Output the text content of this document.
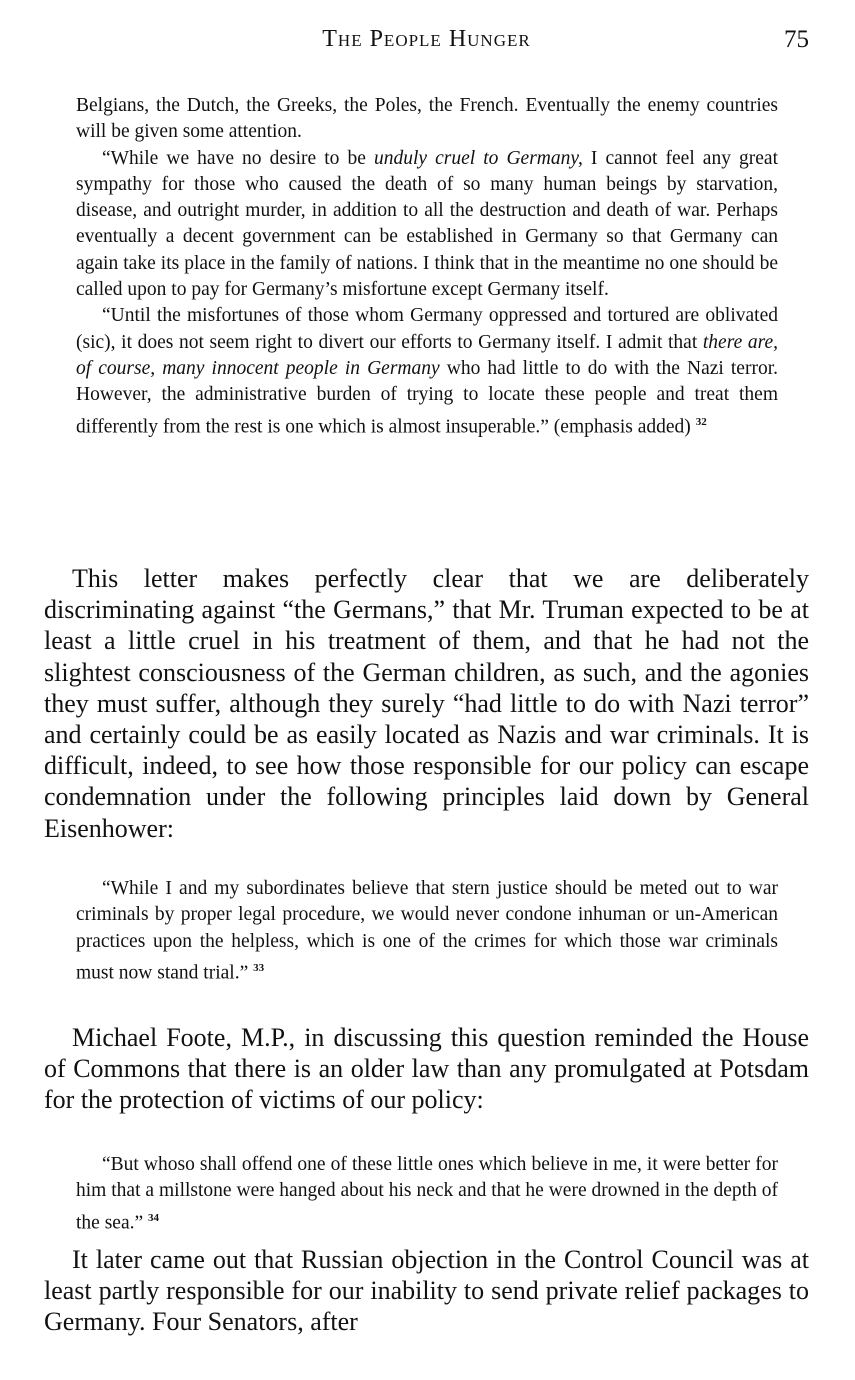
The People Hunger	75

Belgians, the Dutch, the Greeks, the Poles, the French. Eventually the enemy countries will be given some attention.

“While we have no desire to be unduly cruel to Germany, I cannot feel any great sympathy for those who caused the death of so many human beings by starvation, disease, and outright murder, in addition to all the destruction and death of war. Perhaps eventually a decent government can be established in Germany so that Germany can again take its place in the family of nations. I think that in the meantime no one should be called upon to pay for Germany’s misfortune except Germany itself.

“Until the misfortunes of those whom Germany oppressed and tortured are oblivated (sic), it does not seem right to divert our efforts to Germany itself. I admit that there are, of course, many innocent people in Germany who had little to do with the Nazi terror. However, the administrative burden of trying to locate these people and treat them differently from the rest is one which is almost insuperable.” (emphasis added) $^{32}$

This letter makes perfectly clear that we are deliberately discriminating against “the Germans,” that Mr. Truman expected to be at least a little cruel in his treatment of them, and that he had not the slightest consciousness of the German children, as such, and the agonies they must suffer, although they surely “had little to do with Nazi terror” and certainly could be as easily located as Nazis and war criminals. It is difficult, indeed, to see how those responsible for our policy can escape condemnation under the following principles laid down by General Eisenhower:

“While I and my subordinates believe that stern justice should be meted out to war criminals by proper legal procedure, we would never condone inhuman or un-American practices upon the helpless, which is one of the crimes for which those war criminals must now stand trial.” $^{33}$

Michael Foote, M.P., in discussing this question reminded the House of Commons that there is an older law than any promulgated at Potsdam for the protection of victims of our policy:

“But whoso shall offend one of these little ones which believe in me, it were better for him that a millstone were hanged about his neck and that he were drowned in the depth of the sea.” $^{34}$

It later came out that Russian objection in the Control Council was at least partly responsible for our inability to send private relief packages to Germany. Four Senators, after
